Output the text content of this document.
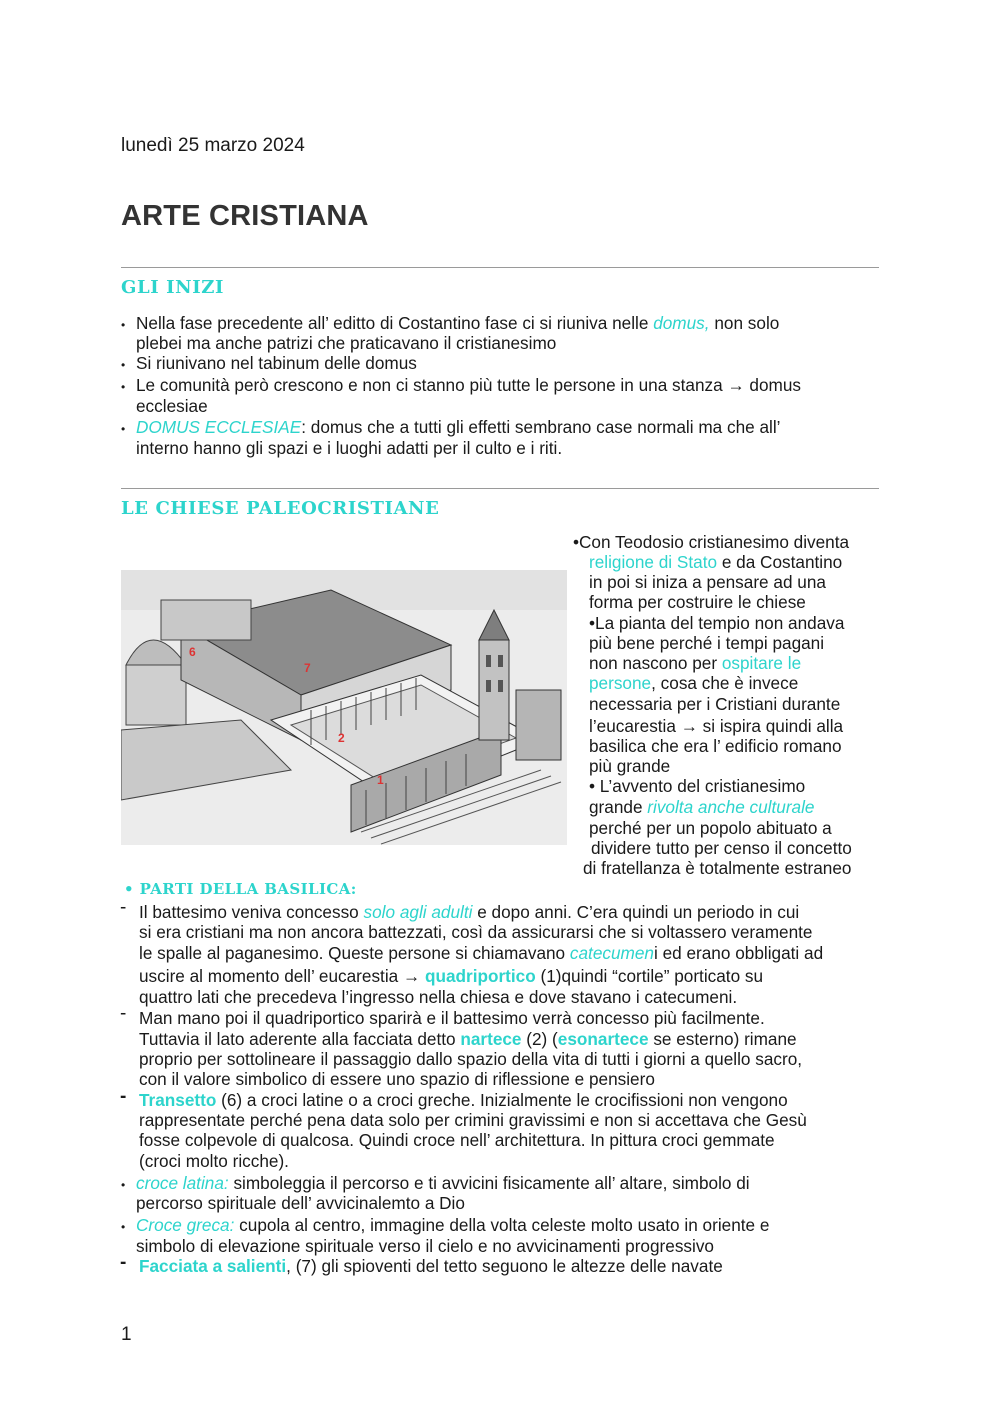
lunedì 25 marzo 2024
ARTE CRISTIANA
GLI INIZI
• Nella fase precedente all’ editto di Costantino fase ci si riuniva nelle domus, non solo
plebei ma anche patrizi che praticavano il cristianesimo
• Si riunivano nel tabinum delle domus
• Le comunità però crescono e non ci stanno più tutte le persone in una stanza → domus
ecclesiae
• DOMUS ECCLESIAE: domus che a tutti gli effetti sembrano case normali ma che all’
interno hanno gli spazi e i luoghi adatti per il culto e i riti.
LE CHIESE PALEOCRISTIANE
6
7
2
1
•Con Teodosio cristianesimo diventa
religione di Stato e da Costantino
in poi si iniza a pensare ad una
forma per costruire le chiese
•La pianta del tempio non andava
più bene perché i tempi pagani
non nascono per ospitare le
persone, cosa che è invece
necessaria per i Cristiani durante
l’eucarestia → si ispira quindi alla
basilica che era l’ edificio romano
più grande
• L’avvento del cristianesimo
grande rivolta anche culturale
perché per un popolo abituato a
dividere tutto per censo il concetto
di fratellanza è totalmente estraneo
• PARTI DELLA BASILICA:
- Il battesimo veniva concesso solo agli adulti e dopo anni. C’era quindi un periodo in cui
si era cristiani ma non ancora battezzati, così da assicurarsi che si voltassero veramente
le spalle al paganesimo. Queste persone si chiamavano catecumeni ed erano obbligati ad
uscire al momento dell’ eucarestia → quadriportico (1)quindi “cortile” porticato su
quattro lati che precedeva l’ingresso nella chiesa e dove stavano i catecumeni.
- Man mano poi il quadriportico sparirà e il battesimo verrà concesso più facilmente.
Tuttavia il lato aderente alla facciata detto nartece (2) (esonartece se esterno) rimane
proprio per sottolineare il passaggio dallo spazio della vita di tutti i giorni a quello sacro,
con il valore simbolico di essere uno spazio di riflessione e pensiero
- Transetto (6) a croci latine o a croci greche. Inizialmente le crocifissioni non vengono
rappresentate perché pena data solo per crimini gravissimi e non si accettava che Gesù
fosse colpevole di qualcosa. Quindi croce nell’ architettura. In pittura croci gemmate
(croci molto ricche).
• croce latina: simboleggia il percorso e ti avvicini fisicamente all’ altare, simbolo di
percorso spirituale dell’ avvicinalemto a Dio
• Croce greca: cupola al centro, immagine della volta celeste molto usato in oriente e
simbolo di elevazione spirituale verso il cielo e no avvicinamenti progressivo
- Facciata a salienti, (7) gli spioventi del tetto seguono le altezze delle navate
1
